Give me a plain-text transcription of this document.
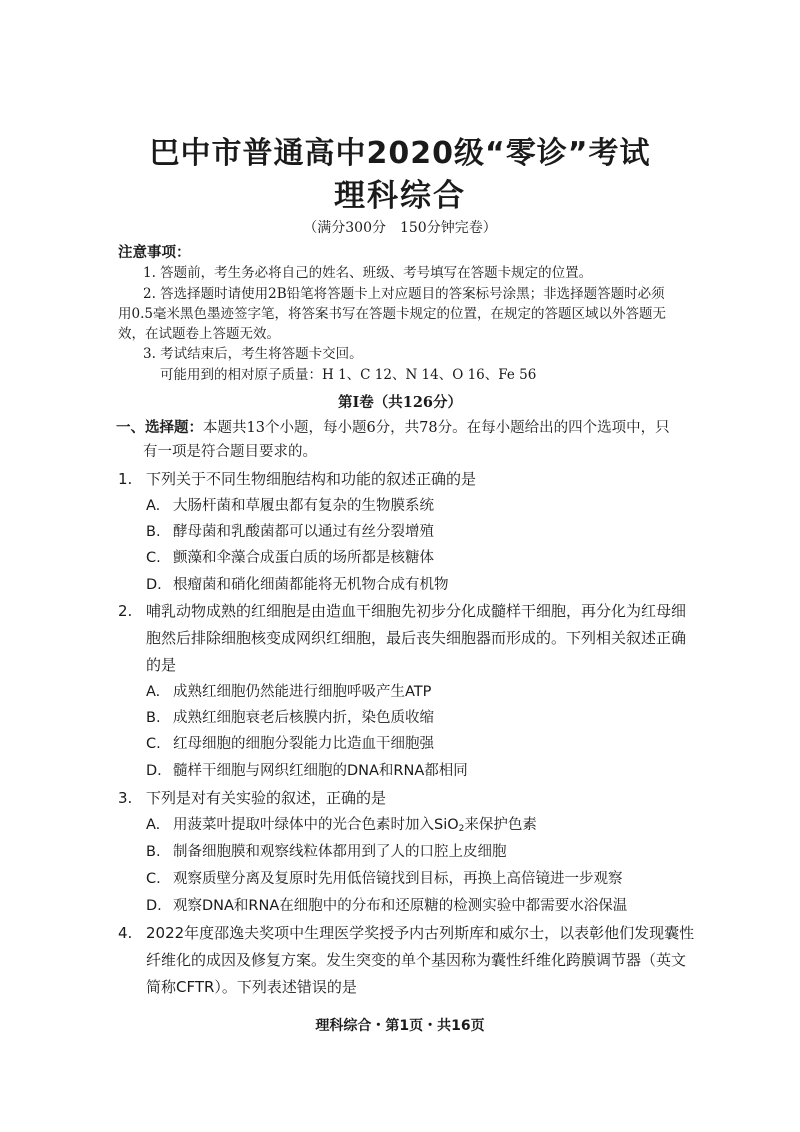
巴中市普通高中2020级“零诊”考试
理科综合
（满分300分　150分钟完卷）
注意事项：
1. 答题前，考生务必将自己的姓名、班级、考号填写在答题卡规定的位置。
2. 答选择题时请使用2B铅笔将答题卡上对应题目的答案标号涂黑；非选择题答题时必须
用0.5毫米黑色墨迹签字笔，将答案书写在答题卡规定的位置，在规定的答题区域以外答题无
效，在试题卷上答题无效。
3. 考试结束后，考生将答题卡交回。
可能用到的相对原子质量：H 1、C 12、N 14、O 16、Fe 56
第Ⅰ卷（共126分）
一、选择题：本题共13个小题，每小题6分，共78分。在每小题给出的四个选项中，只
有一项是符合题目要求的。
1. 下列关于不同生物细胞结构和功能的叙述正确的是
A. 大肠杆菌和草履虫都有复杂的生物膜系统
B. 酵母菌和乳酸菌都可以通过有丝分裂增殖
C. 颤藻和伞藻合成蛋白质的场所都是核糖体
D. 根瘤菌和硝化细菌都能将无机物合成有机物
2. 哺乳动物成熟的红细胞是由造血干细胞先初步分化成髓样干细胞，再分化为红母细
胞然后排除细胞核变成网织红细胞，最后丧失细胞器而形成的。下列相关叙述正确
的是
A. 成熟红细胞仍然能进行细胞呼吸产生ATP
B. 成熟红细胞衰老后核膜内折，染色质收缩
C. 红母细胞的细胞分裂能力比造血干细胞强
D. 髓样干细胞与网织红细胞的DNA和RNA都相同
3. 下列是对有关实验的叙述，正确的是
A. 用菠菜叶提取叶绿体中的光合色素时加入SiO$_2$来保护色素
B. 制备细胞膜和观察线粒体都用到了人的口腔上皮细胞
C. 观察质壁分离及复原时先用低倍镜找到目标，再换上高倍镜进一步观察
D. 观察DNA和RNA在细胞中的分布和还原糖的检测实验中都需要水浴保温
4. 2022年度邵逸夫奖项中生理医学奖授予内古列斯库和威尔士，以表彰他们发现囊性
纤维化的成因及修复方案。发生突变的单个基因称为囊性纤维化跨膜调节器（英文
简称CFTR）。下列表述错误的是
理科综合・第1页・共16页
